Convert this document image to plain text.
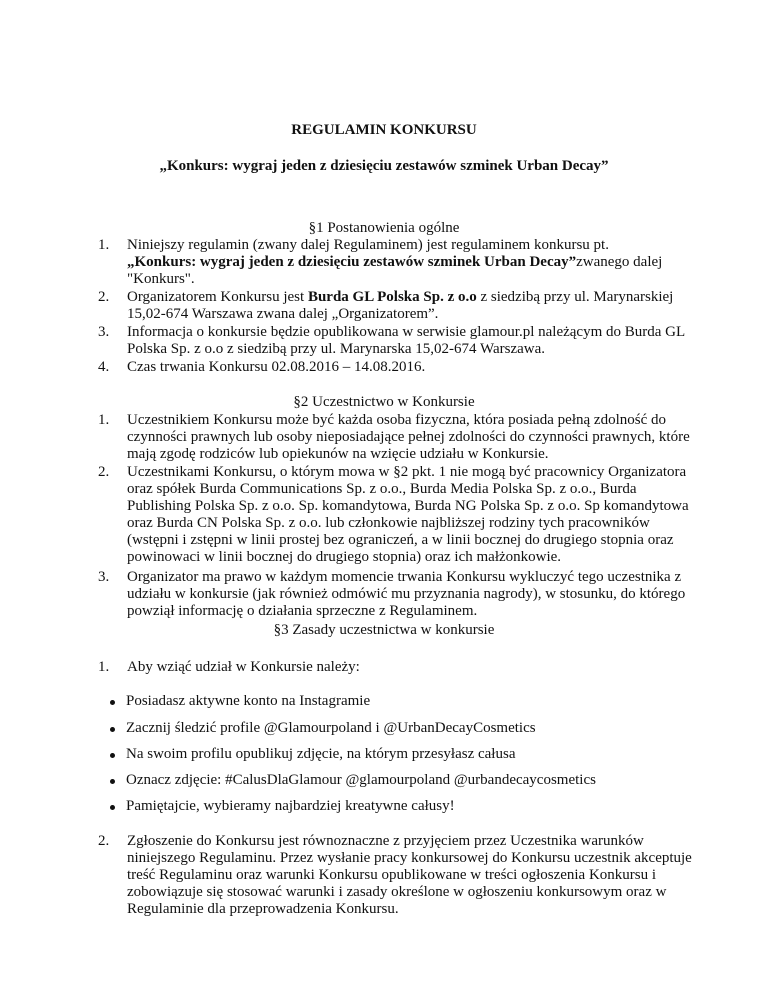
REGULAMIN KONKURSU
„Konkurs: wygraj jeden z dziesięciu zestawów szminek Urban Decay”
§1 Postanowienia ogólne
1. Niniejszy regulamin (zwany dalej Regulaminem) jest regulaminem konkursu pt.
„Konkurs: wygraj jeden z dziesięciu zestawów szminek Urban Decay”zwanego dalej "Konkurs".
2. Organizatorem Konkursu jest Burda GL Polska Sp. z o.o z siedzibą przy ul. Marynarskiej 15,02-674 Warszawa zwana dalej „Organizatorem”.
3. Informacja o konkursie będzie opublikowana w serwisie glamour.pl należącym do Burda GL Polska Sp. z o.o z siedzibą przy ul. Marynarska 15,02-674 Warszawa.
4. Czas trwania Konkursu 02.08.2016 – 14.08.2016.
§2 Uczestnictwo w Konkursie
1. Uczestnikiem Konkursu może być każda osoba fizyczna, która posiada pełną zdolność do czynności prawnych lub osoby nieposiadające pełnej zdolności do czynności prawnych, które mają zgodę rodziców lub opiekunów na wzięcie udziału w Konkursie.
2. Uczestnikami Konkursu, o którym mowa w §2 pkt. 1 nie mogą być pracownicy Organizatora oraz spółek Burda Communications Sp. z o.o., Burda Media Polska Sp. z o.o., Burda Publishing Polska Sp. z o.o. Sp. komandytowa, Burda NG Polska Sp. z o.o. Sp komandytowa oraz Burda CN Polska Sp. z o.o. lub członkowie najbliższej rodziny tych pracowników (wstępni i zstępni w linii prostej bez ograniczeń, a w linii bocznej do drugiego stopnia oraz powinowaci w linii bocznej do drugiego stopnia) oraz ich małżonkowie.
3. Organizator ma prawo w każdym momencie trwania Konkursu wykluczyć tego uczestnika z udziału w konkursie (jak również odmówić mu przyznania nagrody), w stosunku, do którego powziął informację o działania sprzeczne z Regulaminem.
§3 Zasady uczestnictwa w konkursie
1. Aby wziąć udział w Konkursie należy:
Posiadasz aktywne konto na Instagramie
Zacznij śledzić profile @Glamourpoland i @UrbanDecayCosmetics
Na swoim profilu opublikuj zdjęcie, na którym przesyłasz całusa
Oznacz zdjęcie: #CalusDlaGlamour @glamourpoland @urbandecaycosmetics
Pamiętajcie, wybieramy najbardziej kreatywne całusy!
2. Zgłoszenie do Konkursu jest równoznaczne z przyjęciem przez Uczestnika warunków niniejszego Regulaminu. Przez wysłanie pracy konkursowej do Konkursu uczestnik akceptuje treść Regulaminu oraz warunki Konkursu opublikowane w treści ogłoszenia Konkursu i zobowiązuje się stosować warunki i zasady określone w ogłoszeniu konkursowym oraz w Regulaminie dla przeprowadzenia Konkursu.
